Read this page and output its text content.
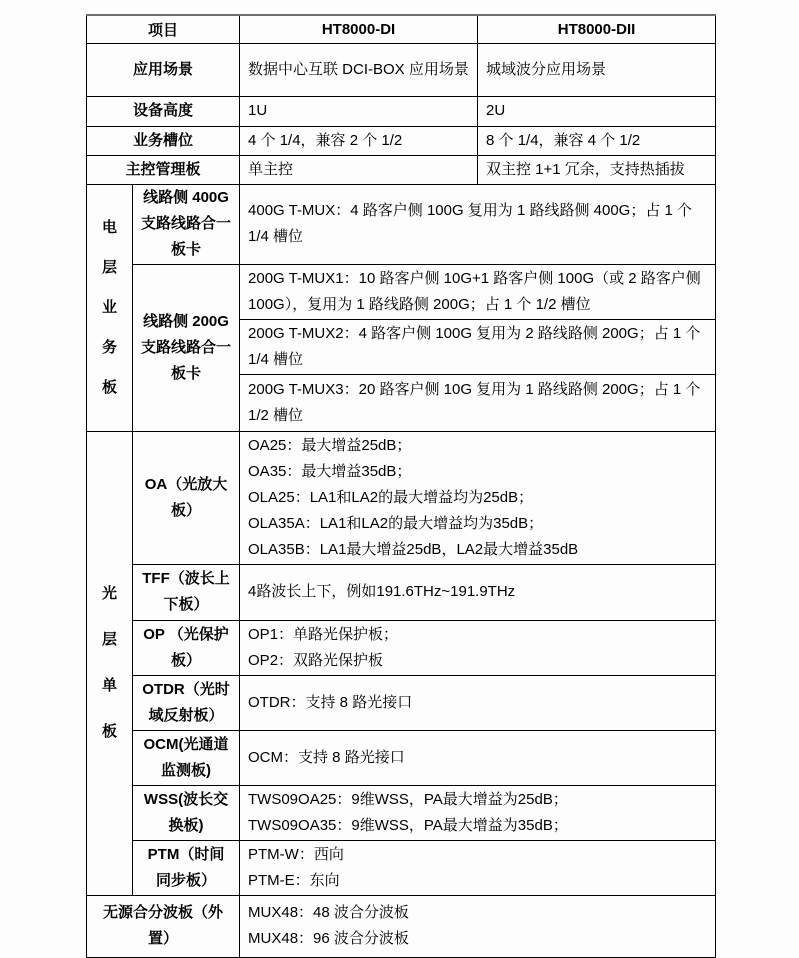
项目		HT8000-DI	HT8000-DII
应用场景		数据中心互联 DCI-BOX 应用场景	城域波分应用场景
设备高度		1U	2U
业务槽位		4 个 1/4，兼容 2 个 1/2	8 个 1/4，兼容 4 个 1/2
主控管理板		单主控	双主控 1+1 冗余，支持热插拔
电层业务板	线路侧 400G 支路线路合一板卡	400G T-MUX：4 路客户侧 100G 复用为 1 路线路侧 400G；占 1 个 1/4 槽位	
	线路侧 200G 支路线路合一板卡	200G T-MUX1：10 路客户侧 10G+1 路客户侧 100G（或 2 路客户侧 100G），复用为 1 路线路侧 200G；占 1 个 1/2 槽位	
		200G T-MUX2：4 路客户侧 100G 复用为 2 路线路侧 200G；占 1 个 1/4 槽位	
		200G T-MUX3：20 路客户侧 10G 复用为 1 路线路侧 200G；占 1 个 1/2 槽位	
光层单板	OA（光放大板）	OA25：最大增益25dB；
OA35：最大增益35dB；
OLA25：LA1和LA2的最大增益均为25dB；
OLA35A：LA1和LA2的最大增益均为35dB；
OLA35B：LA1最大增益25dB，LA2最大增益35dB	

	TFF（波长上下板）	4路波长上下，例如191.6THz~191.9THz	
	OP （光保护板）	OP1：单路光保护板；
OP2：双路光保护板	

	OTDR（光时域反射板）	OTDR：支持 8 路光接口	
	OCM(光通道监测板)	OCM：支持 8 路光接口	
	WSS(波长交换板)	TWS09OA25：9维WSS，PA最大增益为25dB；
TWS09OA35：9维WSS，PA最大增益为35dB；	

	PTM（时间同步板）	PTM-W：西向
PTM-E：东向	

无源合分波板（外置）		MUX48：48 波合分波板
MUX48：96 波合分波板	
